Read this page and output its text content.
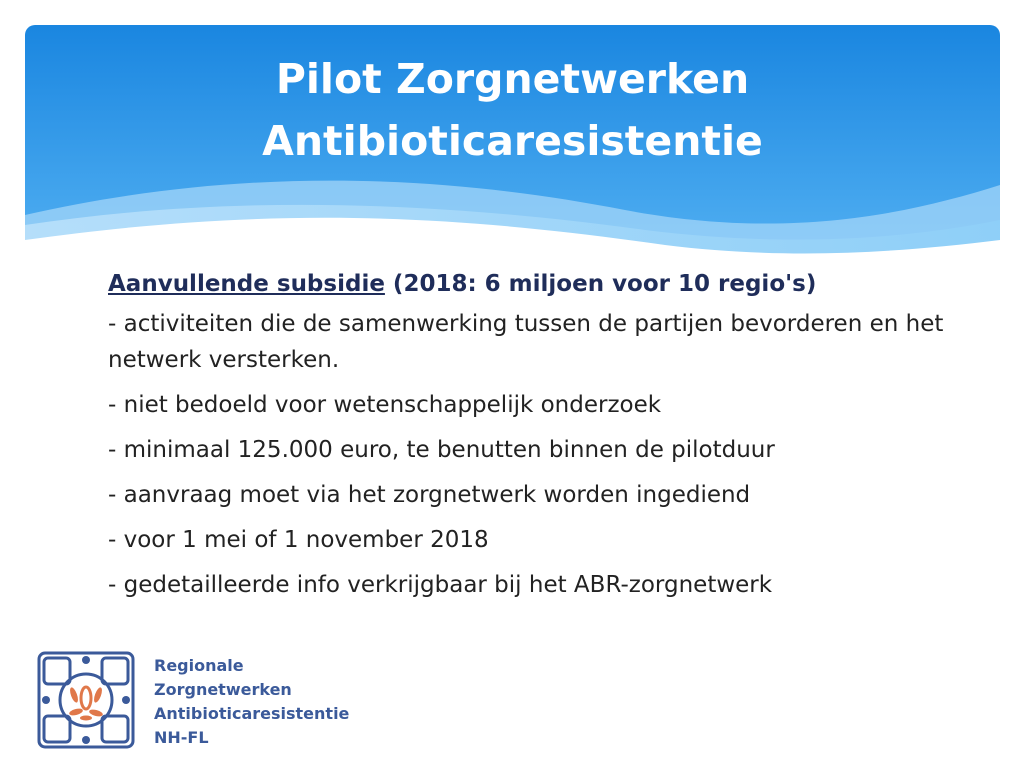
Pilot Zorgnetwerken
Antibioticaresistentie

Aanvullende subsidie (2018: 6 miljoen voor 10 regio's)

- activiteiten die de samenwerking tussen de partijen bevorderen en het netwerk versterken.

- niet bedoeld voor wetenschappelijk onderzoek

- minimaal 125.000 euro, te benutten binnen de pilotduur

- aanvraag moet via het zorgnetwerk worden ingediend

- voor 1 mei of 1 november 2018

- gedetailleerde info verkrijgbaar bij het ABR-zorgnetwerk

Regionale
Zorgnetwerken
Antibioticaresistentie
NH-FL
